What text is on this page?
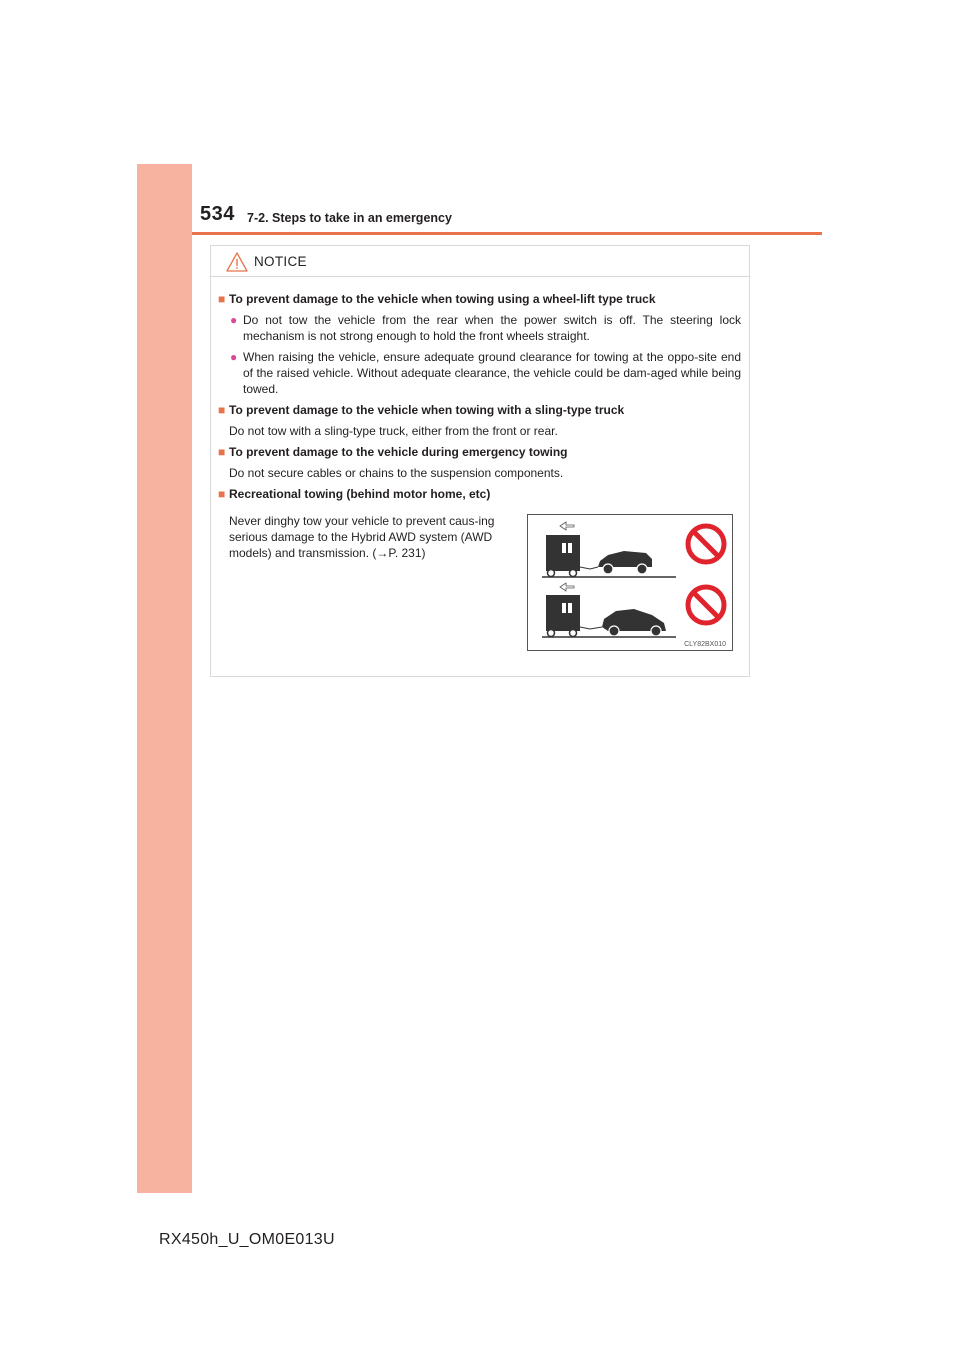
534 7-2. Steps to take in an emergency
NOTICE
■ To prevent damage to the vehicle when towing using a wheel-lift type truck
● Do not tow the vehicle from the rear when the power switch is off. The steering lock mechanism is not strong enough to hold the front wheels straight.
● When raising the vehicle, ensure adequate ground clearance for towing at the oppo-site end of the raised vehicle. Without adequate clearance, the vehicle could be dam-aged while being towed.
■ To prevent damage to the vehicle when towing with a sling-type truck
Do not tow with a sling-type truck, either from the front or rear.
■ To prevent damage to the vehicle during emergency towing
Do not secure cables or chains to the suspension components.
■ Recreational towing (behind motor home, etc)
Never dinghy tow your vehicle to prevent caus-ing serious damage to the Hybrid AWD system (AWD models) and transmission. (→P. 231)
CLY82BX010
RX450h_U_OM0E013U
